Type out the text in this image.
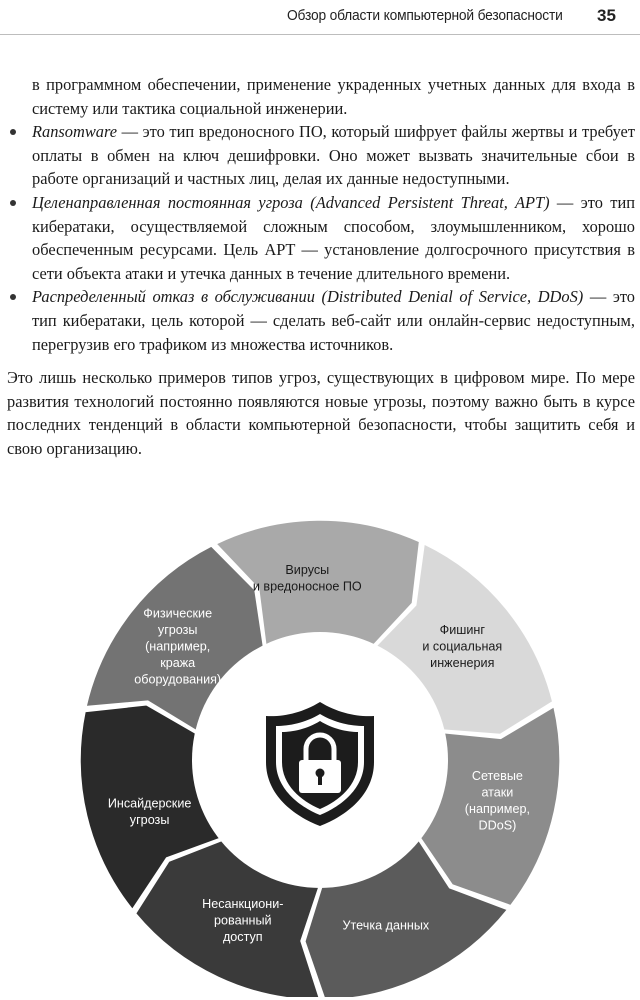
Обзор области компьютерной безопасности 35

в программном обеспечении, применение украденных учетных данных для входа в систему или тактика социальной инженерии.

Ransomware — это тип вредоносного ПО, который шифрует файлы жертвы и требует оплаты в обмен на ключ дешифровки. Оно может вызвать значительные сбои в работе организаций и частных лиц, делая их данные недоступными.

Целенаправленная постоянная угроза (Advanced Persistent Threat, APT) — это тип кибератаки, осуществляемой сложным способом, злоумышленником, хорошо обеспеченным ресурсами. Цель APT — установление долгосрочного присутствия в сети объекта атаки и утечка данных в течение длительного времени.

Распределенный отказ в обслуживании (Distributed Denial of Service, DDoS) — это тип кибератаки, цель которой — сделать веб-сайт или онлайн-сервис недоступным, перегрузив его трафиком из множества источников.

Это лишь несколько примеров типов угроз, существующих в цифровом мире. По мере развития технологий постоянно появляются новые угрозы, поэтому важно быть в курсе последних тенденций в области компьютерной безопасности, чтобы защитить себя и свою организацию.

Вирусы и вредоносное ПО
Фишинг и социальная инженерия
Сетевые атаки (например, DDoS)
Утечка данных
Несанкциони-рованный доступ
Инсайдерские угрозы
Физические угрозы (например, кража оборудования)
